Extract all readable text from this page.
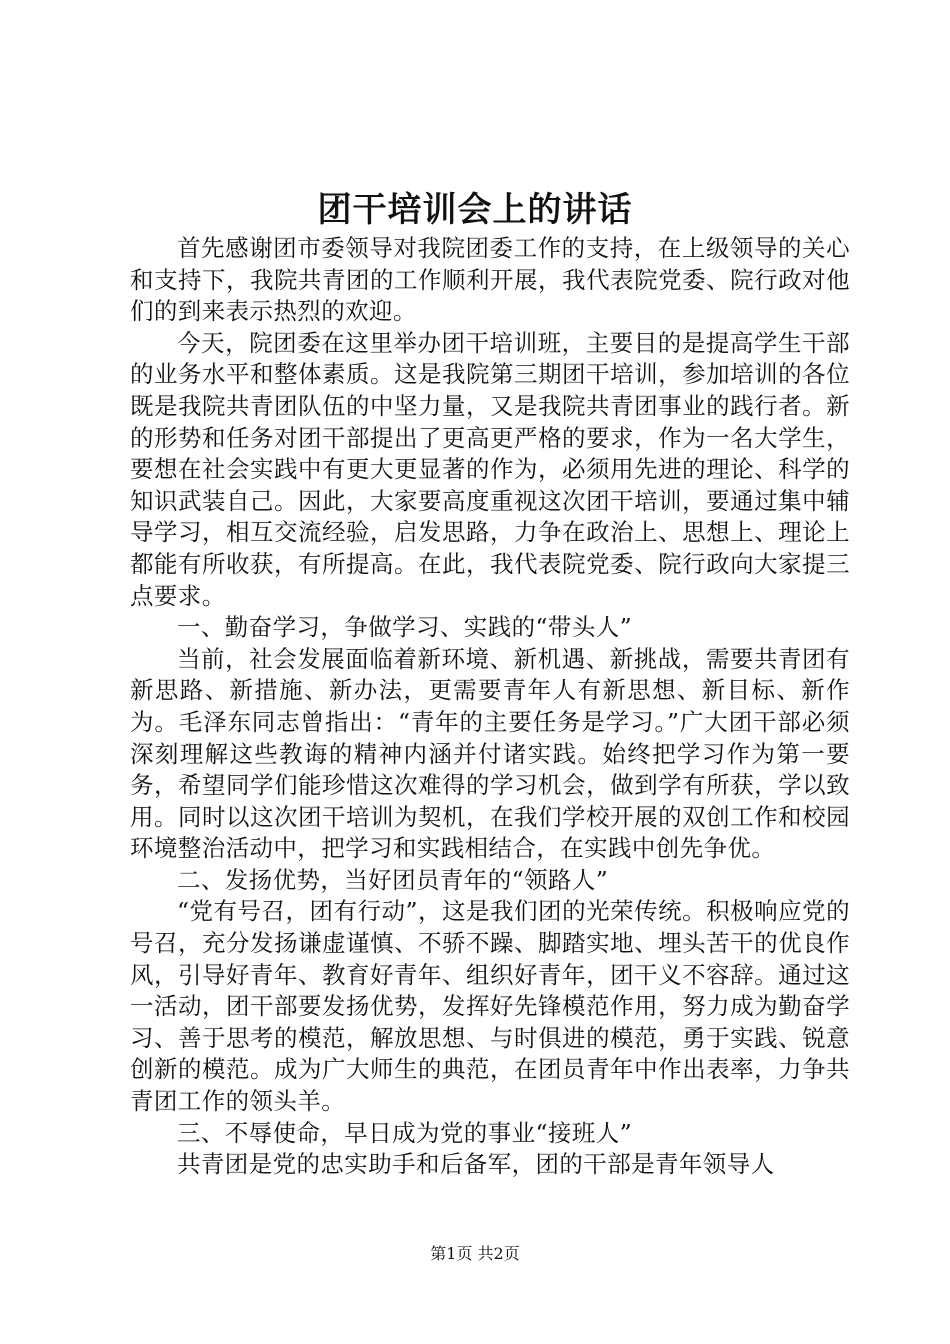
团干培训会上的讲话

首先感谢团市委领导对我院团委工作的支持，在上级领导的关心和支持下，我院共青团的工作顺利开展，我代表院党委、院行政对他们的到来表示热烈的欢迎。

今天，院团委在这里举办团干培训班，主要目的是提高学生干部的业务水平和整体素质。这是我院第三期团干培训，参加培训的各位既是我院共青团队伍的中坚力量，又是我院共青团事业的践行者。新的形势和任务对团干部提出了更高更严格的要求，作为一名大学生，要想在社会实践中有更大更显著的作为，必须用先进的理论、科学的知识武装自己。因此，大家要高度重视这次团干培训，要通过集中辅导学习，相互交流经验，启发思路，力争在政治上、思想上、理论上都能有所收获，有所提高。在此，我代表院党委、院行政向大家提三点要求。

一、勤奋学习，争做学习、实践的“带头人”

当前，社会发展面临着新环境、新机遇、新挑战，需要共青团有新思路、新措施、新办法，更需要青年人有新思想、新目标、新作为。毛泽东同志曾指出：“青年的主要任务是学习。”广大团干部必须深刻理解这些教诲的精神内涵并付诸实践。始终把学习作为第一要务，希望同学们能珍惜这次难得的学习机会，做到学有所获，学以致用。同时以这次团干培训为契机，在我们学校开展的双创工作和校园环境整治活动中，把学习和实践相结合，在实践中创先争优。

二、发扬优势，当好团员青年的“领路人”

“党有号召，团有行动”，这是我们团的光荣传统。积极响应党的号召，充分发扬谦虚谨慎、不骄不躁、脚踏实地、埋头苦干的优良作风，引导好青年、教育好青年、组织好青年，团干义不容辞。通过这一活动，团干部要发扬优势，发挥好先锋模范作用，努力成为勤奋学习、善于思考的模范，解放思想、与时俱进的模范，勇于实践、锐意创新的模范。成为广大师生的典范，在团员青年中作出表率，力争共青团工作的领头羊。

三、不辱使命，早日成为党的事业“接班人”

共青团是党的忠实助手和后备军，团的干部是青年领导人

第1页 共2页
